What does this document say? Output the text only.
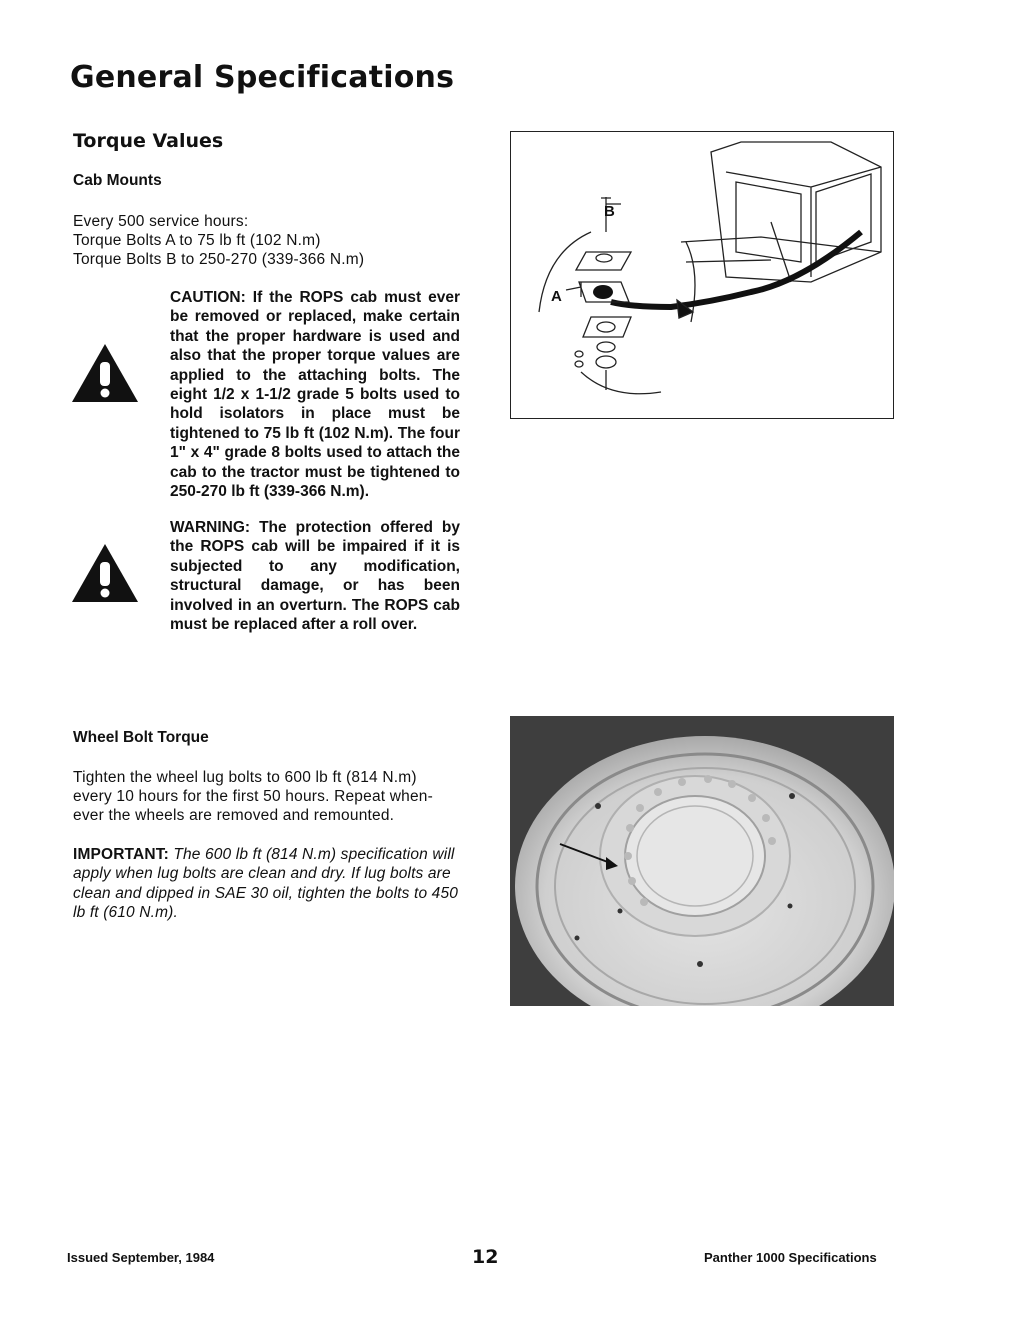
General Specifications
Torque Values
Cab Mounts

Every 500 service hours:
Torque Bolts A to 75 lb ft (102 N.m)
Torque Bolts B to 250-270 (339-366 N.m)

CAUTION: If the ROPS cab must ever be removed or replaced, make certain that the proper hardware is used and also that the proper torque values are applied to the attaching bolts. The eight 1/2 x 1-1/2 grade 5 bolts used to hold isolators in place must be tightened to 75 lb ft (102 N.m). The four 1" x 4" grade 8 bolts used to attach the cab to the tractor must be tightened to 250-270 lb ft (339-366 N.m).

WARNING: The protection offered by the ROPS cab will be impaired if it is subjected to any modification, structural damage, or has been involved in an overturn. The ROPS cab must be replaced after a roll over.

B
A
Wheel Bolt Torque

Tighten the wheel lug bolts to 600 lb ft (814 N.m)
every 10 hours for the first 50 hours. Repeat when-
ever the wheels are removed and remounted.

IMPORTANT: The 600 lb ft (814 N.m) specification will apply when lug bolts are clean and dry. If lug bolts are clean and dipped in SAE 30 oil, tighten the bolts to 450 lb ft (610 N.m).

Issued September, 1984	12	Panther 1000 Specifications
